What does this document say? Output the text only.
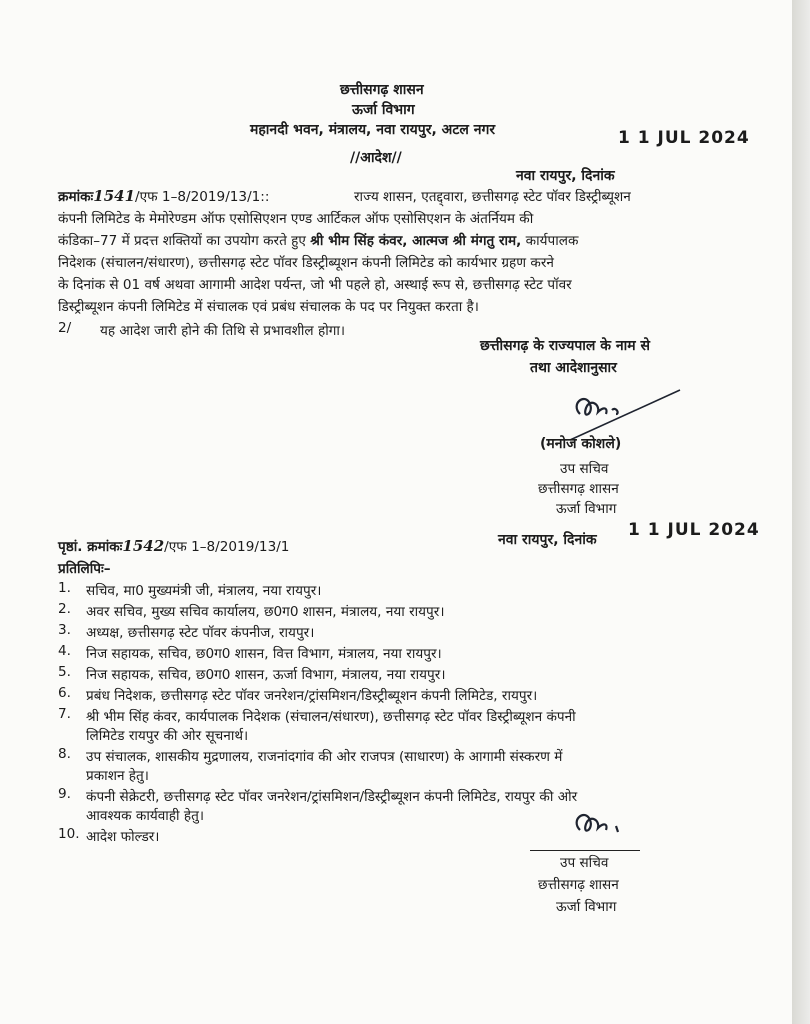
छत्तीसगढ़ शासन
ऊर्जा विभाग
महानदी भवन, मंत्रालय, नवा रायपुर, अटल नगर
//आदेश//
1 1 JUL 2024
नवा रायपुर, दिनांक
क्रमांकः1541/एफ 1–8/2019/13/1::	राज्य शासन, एतद्द्वारा, छत्तीसगढ़ स्टेट पॉवर डिस्ट्रीब्यूशन
कंपनी लिमिटेड के मेमोरेण्डम ऑफ एसोसिएशन एण्ड आर्टिकल ऑफ एसोसिएशन के अंतर्नियम की
कंडिका–77 में प्रदत्त शक्तियों का उपयोग करते हुए श्री भीम सिंह कंवर, आत्मज श्री मंगतु राम, कार्यपालक
निदेशक (संचालन/संधारण), छत्तीसगढ़ स्टेट पॉवर डिस्ट्रीब्यूशन कंपनी लिमिटेड को कार्यभार ग्रहण करने
के दिनांक से 01 वर्ष अथवा आगामी आदेश पर्यन्त, जो भी पहले हो, अस्थाई रूप से, छत्तीसगढ़ स्टेट पॉवर
डिस्ट्रीब्यूशन कंपनी लिमिटेड में संचालक एवं प्रबंध संचालक के पद पर नियुक्त करता है।
2/ यह आदेश जारी होने की तिथि से प्रभावशील होगा।
छत्तीसगढ़ के राज्यपाल के नाम से
तथा आदेशानुसार
(मनोज कोशले)
उप सचिव
छत्तीसगढ़ शासन
ऊर्जा विभाग
पृष्ठां. क्रमांकः1542/एफ 1–8/2019/13/1	नवा रायपुर, दिनांक 1 1 JUL 2024
प्रतिलिपिः–
1.	सचिव, मा0 मुख्यमंत्री जी, मंत्रालय, नया रायपुर।
2.	अवर सचिव, मुख्य सचिव कार्यालय, छ0ग0 शासन, मंत्रालय, नया रायपुर।
3.	अध्यक्ष, छत्तीसगढ़ स्टेट पॉवर कंपनीज, रायपुर।
4.	निज सहायक, सचिव, छ0ग0 शासन, वित्त विभाग, मंत्रालय, नया रायपुर।
5.	निज सहायक, सचिव, छ0ग0 शासन, ऊर्जा विभाग, मंत्रालय, नया रायपुर।
6.	प्रबंध निदेशक, छत्तीसगढ़ स्टेट पॉवर जनरेशन/ट्रांसमिशन/डिस्ट्रीब्यूशन कंपनी लिमिटेड, रायपुर।
7.	श्री भीम सिंह कंवर, कार्यपालक निदेशक (संचालन/संधारण), छत्तीसगढ़ स्टेट पॉवर डिस्ट्रीब्यूशन कंपनी
लिमिटेड रायपुर की ओर सूचनार्थ।
8.	उप संचालक, शासकीय मुद्रणालय, राजनांदगांव की ओर राजपत्र (साधारण) के आगामी संस्करण में
प्रकाशन हेतु।
9.	कंपनी सेक्रेटरी, छत्तीसगढ़ स्टेट पॉवर जनरेशन/ट्रांसमिशन/डिस्ट्रीब्यूशन कंपनी लिमिटेड, रायपुर की ओर
आवश्यक कार्यवाही हेतु।
10. आदेश फोल्डर।
उप सचिव
छत्तीसगढ़ शासन
ऊर्जा विभाग
